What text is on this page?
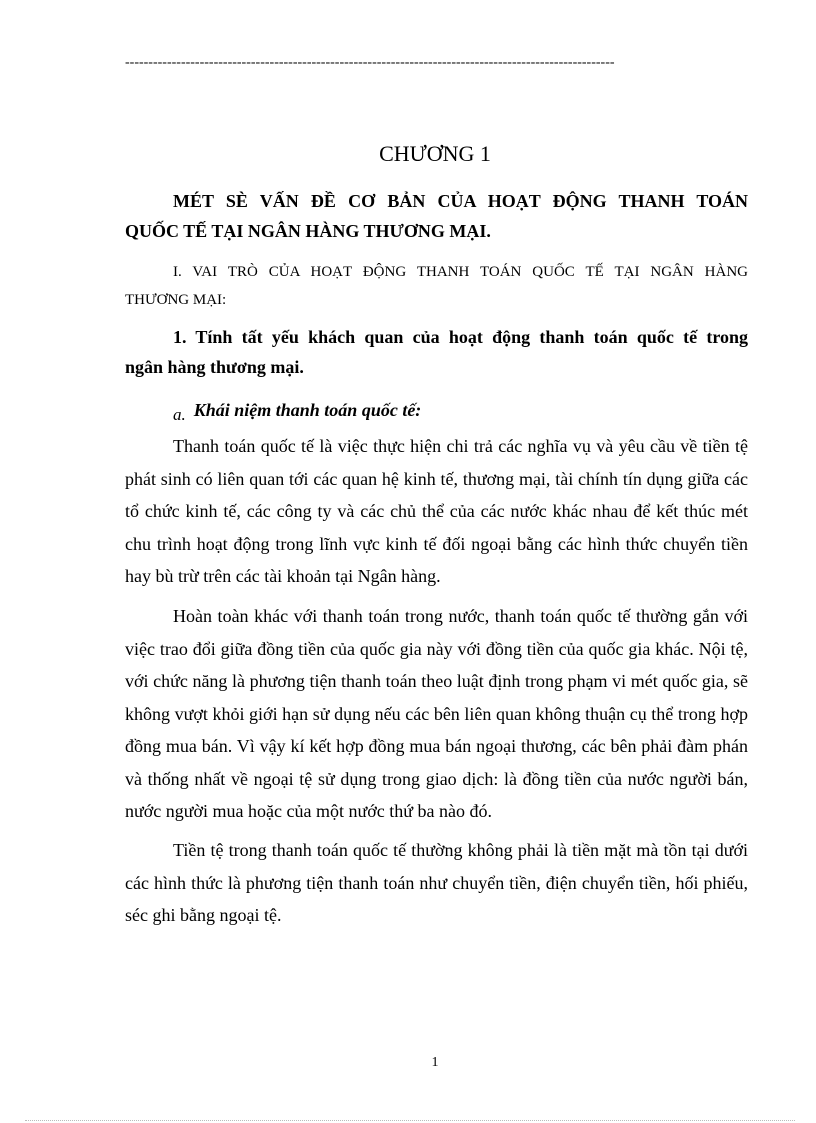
---------------------------------------------------------------------------------------------------------
CHƯƠNG 1
MÉT SÈ VẤN ĐỀ CƠ BẢN CỦA HOẠT ĐỘNG THANH TOÁN
QUỐC TẾ TẠI NGÂN HÀNG THƯƠNG MẠI.
I. VAI TRÒ CỦA HOẠT ĐỘNG THANH TOÁN QUỐC TẾ TẠI NGÂN HÀNG
THƯƠNG MẠI:
1. Tính tất yếu khách quan của hoạt động thanh toán quốc tế trong
ngân hàng thương mại.
a. Khái niệm thanh toán quốc tế:

Thanh toán quốc tế là việc thực hiện chi trả các nghĩa vụ và yêu cầu về tiền tệ phát sinh có liên quan tới các quan hệ kinh tế, thương mại, tài chính tín dụng giữa các tổ chức kinh tế, các công ty và các chủ thể của các nước khác nhau để kết thúc mét chu trình hoạt động trong lĩnh vực kinh tế đối ngoại bằng các hình thức chuyển tiền hay bù trừ trên các tài khoản tại Ngân hàng.

Hoàn toàn khác với thanh toán trong nước, thanh toán quốc tế thường gắn với việc trao đổi giữa đồng tiền của quốc gia này với đồng tiền của quốc gia khác. Nội tệ, với chức năng là phương tiện thanh toán theo luật định trong phạm vi mét quốc gia, sẽ không vượt khỏi giới hạn sử dụng nếu các bên liên quan không thuận cụ thể trong hợp đồng mua bán. Vì vậy kí kết hợp đồng mua bán ngoại thương, các bên phải đàm phán và thống nhất về ngoại tệ sử dụng trong giao dịch: là đồng tiền của nước người bán, nước người mua hoặc của một nước thứ ba nào đó.

Tiền tệ trong thanh toán quốc tế thường không phải là tiền mặt mà tồn tại dưới các hình thức là phương tiện thanh toán như chuyển tiền, điện chuyển tiền, hối phiếu, séc ghi bằng ngoại tệ.

1
